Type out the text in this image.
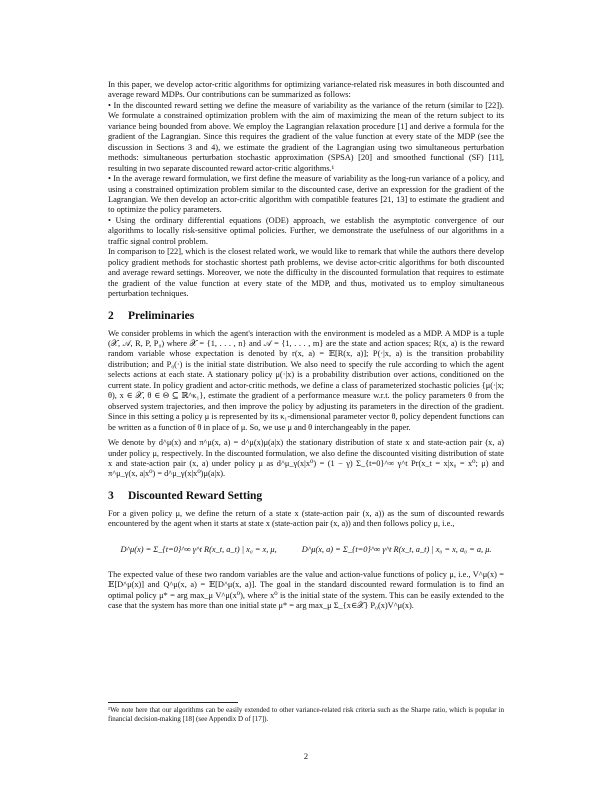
In this paper, we develop actor-critic algorithms for optimizing variance-related risk measures in both discounted and average reward MDPs. Our contributions can be summarized as follows:

• In the discounted reward setting we define the measure of variability as the variance of the return (similar to [22]). We formulate a constrained optimization problem with the aim of maximizing the mean of the return subject to its variance being bounded from above. We employ the Lagrangian relaxation procedure [1] and derive a formula for the gradient of the Lagrangian. Since this requires the gradient of the value function at every state of the MDP (see the discussion in Sections 3 and 4), we estimate the gradient of the Lagrangian using two simultaneous perturbation methods: simultaneous perturbation stochastic approximation (SPSA) [20] and smoothed functional (SF) [11], resulting in two separate discounted reward actor-critic algorithms.¹

• In the average reward formulation, we first define the measure of variability as the long-run variance of a policy, and using a constrained optimization problem similar to the discounted case, derive an expression for the gradient of the Lagrangian. We then develop an actor-critic algorithm with compatible features [21, 13] to estimate the gradient and to optimize the policy parameters.

• Using the ordinary differential equations (ODE) approach, we establish the asymptotic convergence of our algorithms to locally risk-sensitive optimal policies. Further, we demonstrate the usefulness of our algorithms in a traffic signal control problem.

In comparison to [22], which is the closest related work, we would like to remark that while the authors there develop policy gradient methods for stochastic shortest path problems, we devise actor-critic algorithms for both discounted and average reward settings. Moreover, we note the difficulty in the discounted formulation that requires to estimate the gradient of the value function at every state of the MDP, and thus, motivated us to employ simultaneous perturbation techniques.

2	Preliminaries

We consider problems in which the agent's interaction with the environment is modeled as a MDP. A MDP is a tuple (𝒳, 𝒜, R, P, P₀) where 𝒳 = {1, . . . , n} and 𝒜 = {1, . . . , m} are the state and action spaces; R(x, a) is the reward random variable whose expectation is denoted by r(x, a) = 𝔼[R(x, a)]; P(·|x, a) is the transition probability distribution; and P₀(·) is the initial state distribution. We also need to specify the rule according to which the agent selects actions at each state. A stationary policy μ(·|x) is a probability distribution over actions, conditioned on the current state. In policy gradient and actor-critic methods, we define a class of parameterized stochastic policies {μ(·|x; θ), x ∈ 𝒳, θ ∈ Θ ⊆ ℝ^κ₁}, estimate the gradient of a performance measure w.r.t. the policy parameters θ from the observed system trajectories, and then improve the policy by adjusting its parameters in the direction of the gradient. Since in this setting a policy μ is represented by its κ₁-dimensional parameter vector θ, policy dependent functions can be written as a function of θ in place of μ. So, we use μ and θ interchangeably in the paper.

We denote by d^μ(x) and π^μ(x, a) = d^μ(x)μ(a|x) the stationary distribution of state x and state-action pair (x, a) under policy μ, respectively. In the discounted formulation, we also define the discounted visiting distribution of state x and state-action pair (x, a) under policy μ as d^μ_γ(x|x⁰) = (1 − γ) Σ_{t=0}^∞ γ^t Pr(x_t = x|x₀ = x⁰; μ) and π^μ_γ(x, a|x⁰) = d^μ_γ(x|x⁰)μ(a|x).

3	Discounted Reward Setting

For a given policy μ, we define the return of a state x (state-action pair (x, a)) as the sum of discounted rewards encountered by the agent when it starts at state x (state-action pair (x, a)) and then follows policy μ, i.e.,

D^μ(x) = Σ_{t=0}^∞ γ^t R(x_t, a_t) | x₀ = x, μ,	D^μ(x, a) = Σ_{t=0}^∞ γ^t R(x_t, a_t) | x₀ = x, a₀ = a, μ.

The expected value of these two random variables are the value and action-value functions of policy μ, i.e., V^μ(x) = 𝔼[D^μ(x)] and Q^μ(x, a) = 𝔼[D^μ(x, a)]. The goal in the standard discounted reward formulation is to find an optimal policy μ* = arg max_μ V^μ(x⁰), where x⁰ is the initial state of the system. This can be easily extended to the case that the system has more than one initial state μ* = arg max_μ Σ_{x∈𝒳} P₀(x)V^μ(x).

¹We note here that our algorithms can be easily extended to other variance-related risk criteria such as the Sharpe ratio, which is popular in financial decision-making [18] (see Appendix D of [17]).
2
